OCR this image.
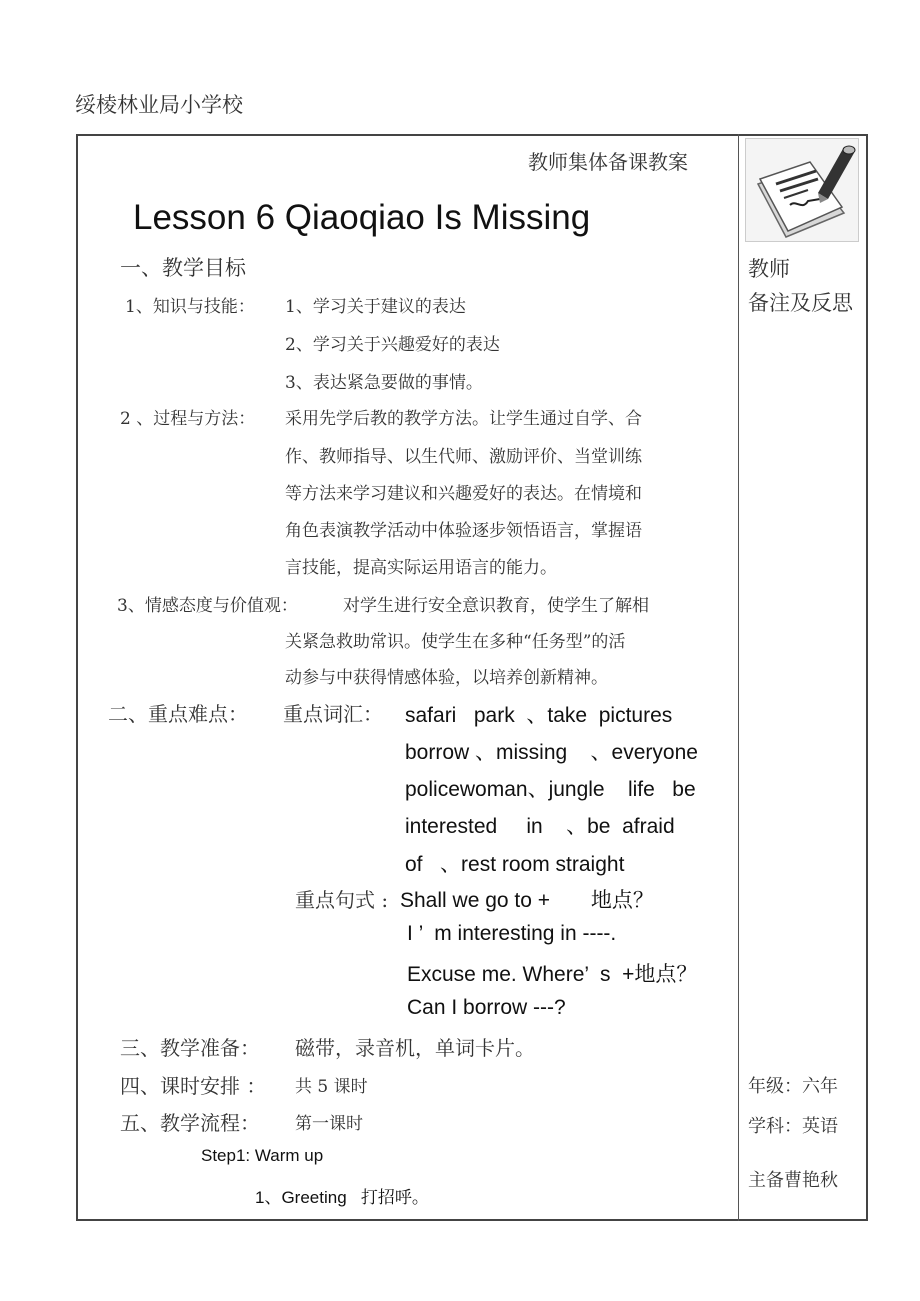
绥棱林业局小学校
教师集体备课教案
Lesson 6 Qiaoqiao Is Missing
一、教学目标
1、知识与技能： 1、学习关于建议的表达
2、学习关于兴趣爱好的表达
3、表达紧急要做的事情。
2 、过程与方法： 采用先学后教的教学方法。让学生通过自学、合
作、教师指导、以生代师、激励评价、当堂训练
等方法来学习建议和兴趣爱好的表达。在情境和
角色表演教学活动中体验逐步领悟语言，掌握语
言技能，提高实际运用语言的能力。
3、情感态度与价值观：	对学生进行安全意识教育，使学生了解相
关紧急救助常识。使学生在多种“任务型”的活
动参与中获得情感体验，以培养创新精神。
二、重点难点： 重点词汇： safari   park  、take  pictures
borrow 、missing    、everyone
policewoman、jungle    life   be
interested     in    、be  afraid
of   、rest room straight
重点句式 : Shall we go to +       地点？
I ’  m interesting in ----.
Excuse me. Where’  s  +地点？
Can I borrow ---?
三、教学准备： 磁带，录音机，单词卡片。
四、课时安排 ： 共 5 课时
五、教学流程： 第一课时
Step1: Warm up
1、Greeting   打招呼。
教师
备注及反思
年级：六年
学科：英语
主备曹艳秋
